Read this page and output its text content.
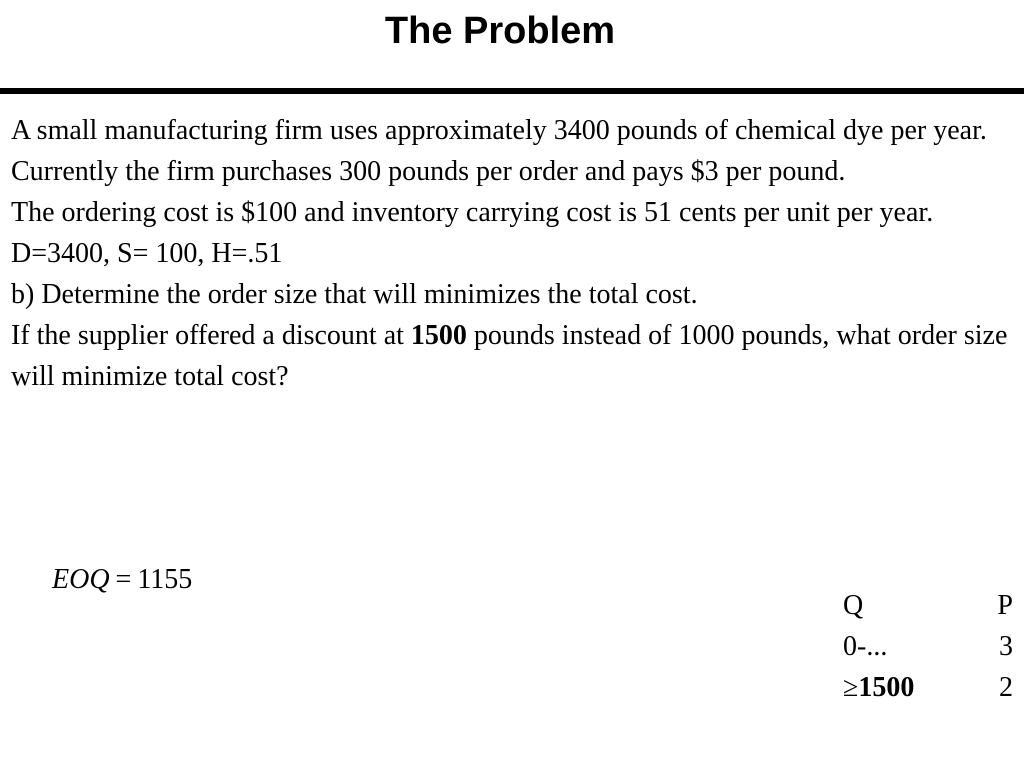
The Problem

A small manufacturing firm uses approximately 3400 pounds of chemical dye per year. Currently the firm purchases 300 pounds per order and pays $3 per pound.

The ordering cost is $100 and inventory carrying cost is 51 cents per unit per year.

D=3400, S= 100, H=.51

b) Determine the order size that will minimizes the total cost.

If the supplier offered a discount at 1500 pounds instead of 1000 pounds, what order size will minimize total cost?

EOQ = 1155
Q	P
0-...	3
≥1500	2
